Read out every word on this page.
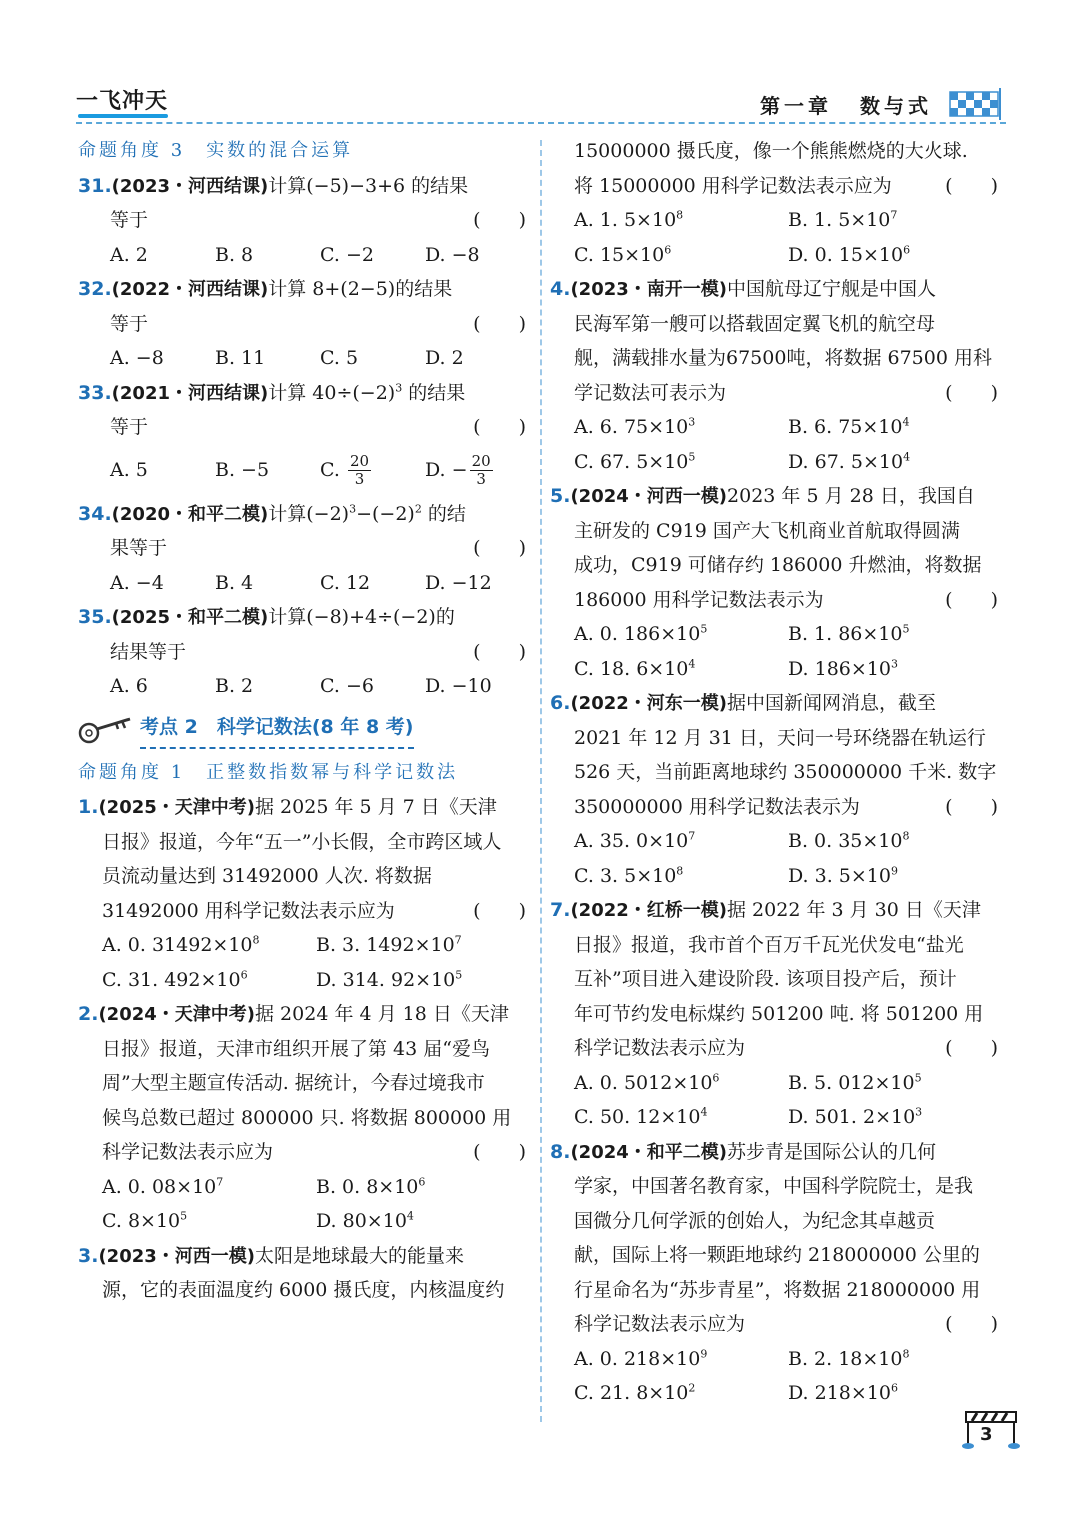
一飞冲天	第一章 数与式
命题角度 3　实数的混合运算
31.(2023・河西结课)计算(−5)−3+6 的结果
等于	(　　)
A. 2	B. 8	C. −2	D. −8
32.(2022・河西结课)计算 8+(2−5)的结果
等于	(　　)
A. −8	B. 11	C. 5	D. 2
33.(2021・河西结课)计算 $40\div(-2)^3$ 的结果
等于	(　　)
A. 5	B. −5	C. $\frac{20}{3}$	D. − $\frac{20}{3}$
34.(2020・和平二模)计算$(-2)^3-(-2)^2$ 的结
果等于	(　　)
A. −4	B. 4	C. 12	D. −12
35.(2025・和平二模)计算(−8)+4÷(−2)的
结果等于	(　　)
A. 6	B. 2	C. −6	D. −10
考点 2　科学记数法(8 年 8 考)
命题角度 1　正整数指数幂与科学记数法
1.(2025・天津中考)据 2025 年 5 月 7 日《天津
日报》报道，今年“五一”小长假，全市跨区域人
员流动量达到 31492000 人次. 将数据
31492000 用科学记数法表示应为	(　　)
A. 0. $31492\times 10^8$	B. 3. $1492\times 10^7$
C. 31. $492\times 10^6$	D. 314. $92\times 10^5$
2.(2024・天津中考)据 2024 年 4 月 18 日《天津
日报》报道，天津市组织开展了第 43 届“爱鸟
周”大型主题宣传活动. 据统计，今春过境我市
候鸟总数已超过 800000 只. 将数据 800000 用
科学记数法表示应为	(　　)
A. 0. $08\times 10^7$	B. 0. $8\times 10^6$
C. $8\times 10^5$	D. $80\times 10^4$
3.(2023・河西一模)太阳是地球最大的能量来
源，它的表面温度约 6000 摄氏度，内核温度约
15000000 摄氏度，像一个熊熊燃烧的大火球.
将 15000000 用科学记数法表示应为	(　　)
A. 1. $5\times 10^8$	B. 1. $5\times 10^7$
C. $15\times 10^6$	D. 0. $15\times 10^6$
4.(2023・南开一模)中国航母辽宁舰是中国人
民海军第一艘可以搭载固定翼飞机的航空母
舰，满载排水量为67500吨，将数据 67500 用科
学记数法可表示为	(　　)
A. 6. $75\times 10^3$	B. 6. $75\times 10^4$
C. 67. $5\times 10^5$	D. 67. $5\times 10^4$
5.(2024・河西一模)2023 年 5 月 28 日，我国自
主研发的 C919 国产大飞机商业首航取得圆满
成功，C919 可储存约 186000 升燃油，将数据
186000 用科学记数法表示为	(　　)
A. 0. $186\times 10^5$	B. 1. $86\times 10^5$
C. 18. $6\times 10^4$	D. $186\times 10^3$
6.(2022・河东一模)据中国新闻网消息，截至
2021 年 12 月 31 日，天问一号环绕器在轨运行
526 天，当前距离地球约 350000000 千米. 数字
350000000 用科学记数法表示为	(　　)
A. 35. $0\times 10^7$	B. 0. $35\times 10^8$
C. 3. $5\times 10^8$	D. 3. $5\times 10^9$
7.(2022・红桥一模)据 2022 年 3 月 30 日《天津
日报》报道，我市首个百万千瓦光伏发电“盐光
互补”项目进入建设阶段. 该项目投产后，预计
年可节约发电标煤约 501200 吨. 将 501200 用
科学记数法表示应为	(　　)
A. 0. $5012\times 10^6$	B. 5. $012\times 10^5$
C. 50. $12\times 10^4$	D. 501. $2\times 10^3$
8.(2024・和平二模)苏步青是国际公认的几何
学家，中国著名教育家，中国科学院院士，是我
国微分几何学派的创始人，为纪念其卓越贡
献，国际上将一颗距地球约 218000000 公里的
行星命名为“苏步青星”，将数据 218000000 用
科学记数法表示应为	(　　)
A. 0. $218\times 10^9$	B. 2. $18\times 10^8$
C. 21. $8\times 10^2$	D. $218\times 10^6$
3
